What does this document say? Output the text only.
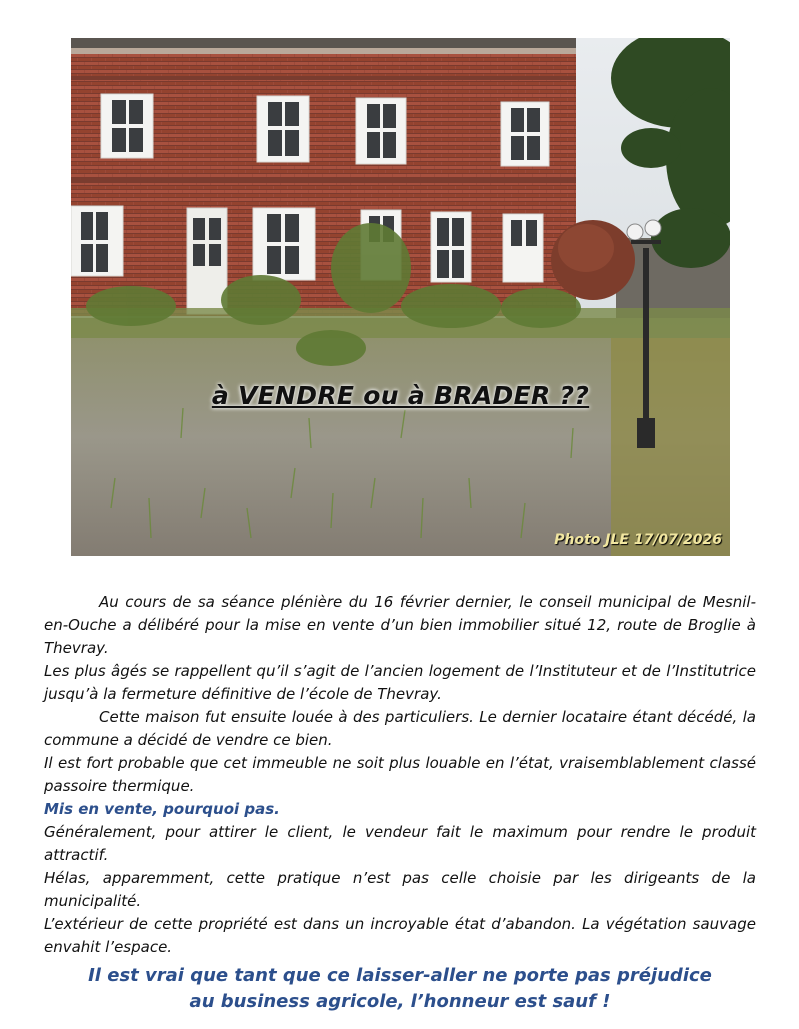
à VENDRE ou à BRADER ??
Photo JLE 17/07/2026

Au cours de sa séance plénière du 16 février dernier, le conseil municipal de Mesnil-en-Ouche a délibéré pour la mise en vente d’un bien immobilier situé 12, route de Broglie à Thevray.

Les plus âgés se rappellent qu’il s’agit de l’ancien logement de l’Instituteur et de l’Institutrice jusqu’à la fermeture définitive de l’école de Thevray.

Cette maison fut ensuite louée à des particuliers. Le dernier locataire étant décédé, la commune a décidé de vendre ce bien.

Il est fort probable que cet immeuble ne soit plus louable en l’état, vraisemblablement classé passoire thermique.

Mis en vente, pourquoi pas.

Généralement, pour attirer le client, le vendeur fait le maximum pour rendre le produit attractif.

Hélas, apparemment, cette pratique n’est pas celle choisie par les dirigeants de la municipalité.

L’extérieur de cette propriété est dans un incroyable état d’abandon. La végétation sauvage envahit l’espace.

Il est vrai que tant que ce laisser-aller ne porte pas préjudice
au business agricole, l’honneur est sauf !
